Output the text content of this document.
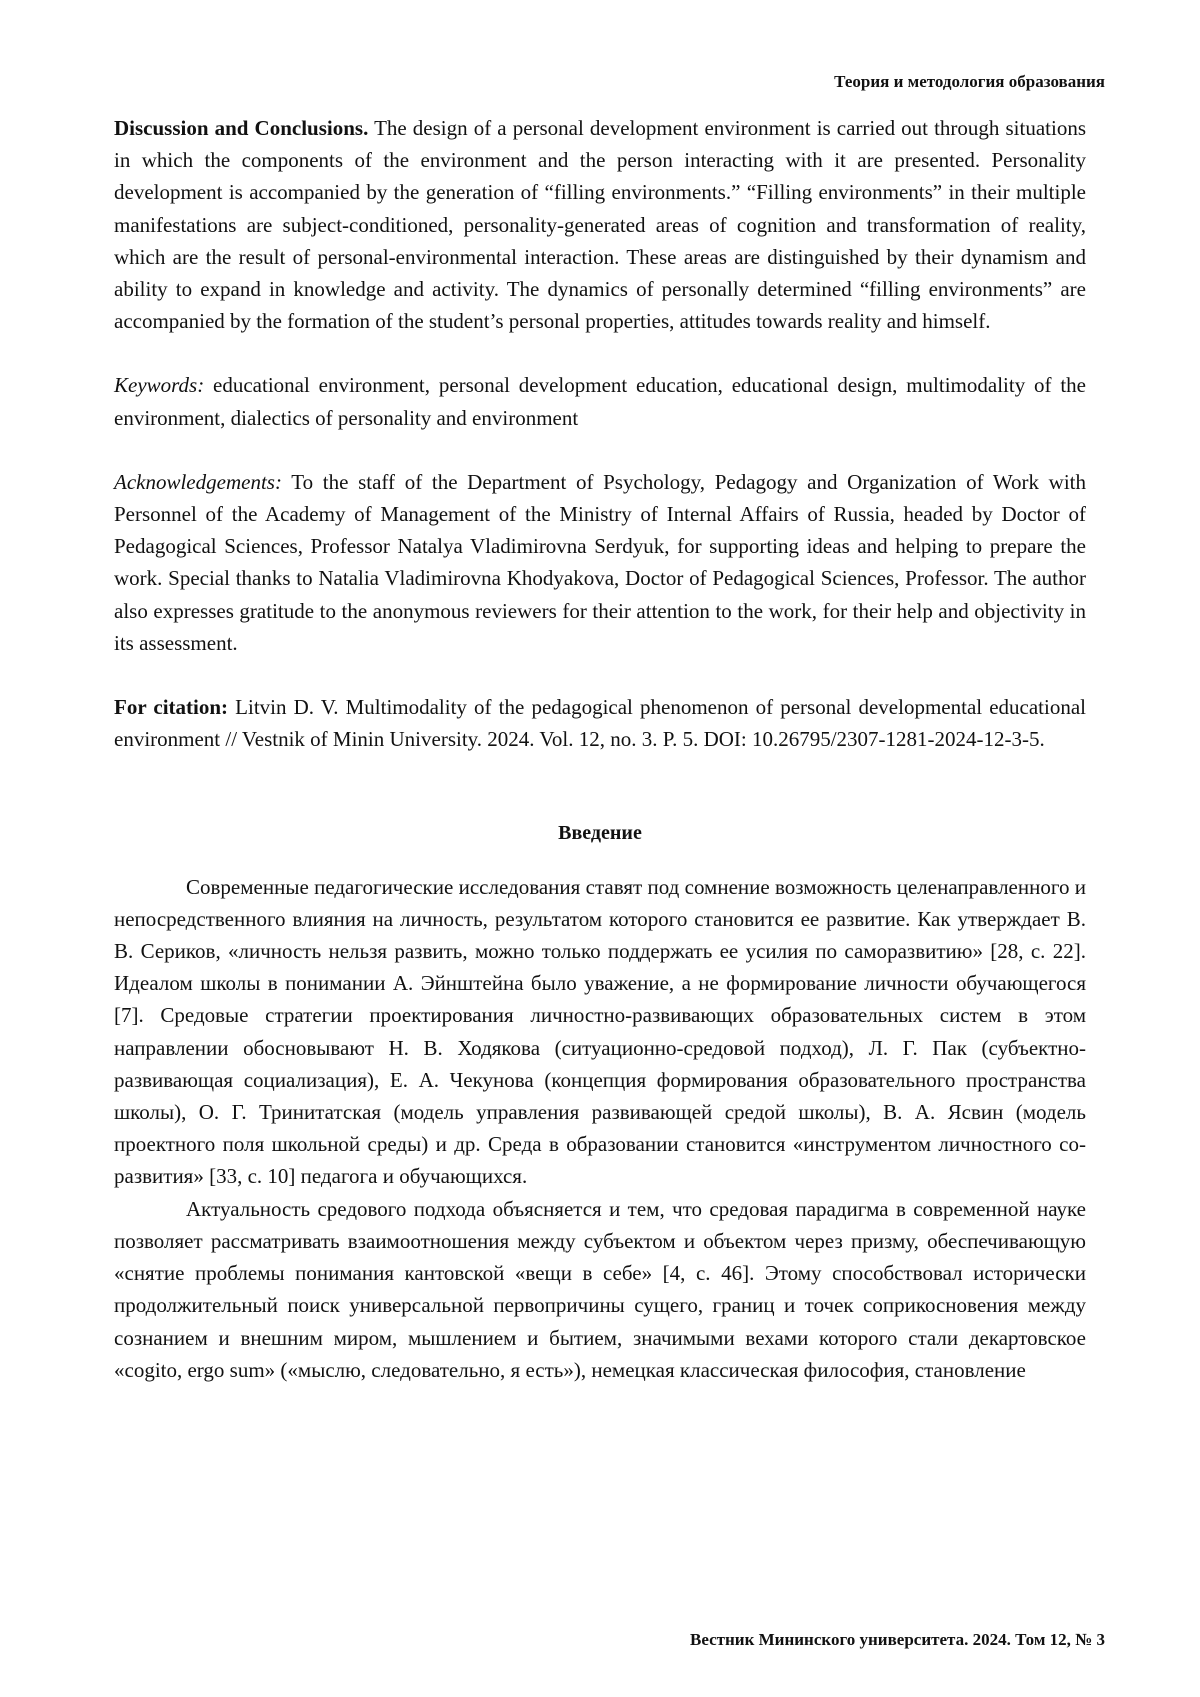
Теория и методология образования

Discussion and Conclusions. The design of a personal development environment is carried out through situations in which the components of the environment and the person interacting with it are presented. Personality development is accompanied by the generation of “filling environments.” “Filling environments” in their multiple manifestations are subject-conditioned, personality-generated areas of cognition and transformation of reality, which are the result of personal-environmental interaction. These areas are distinguished by their dynamism and ability to expand in knowledge and activity. The dynamics of personally determined “filling environments” are accompanied by the formation of the student’s personal properties, attitudes towards reality and himself.

Keywords: educational environment, personal development education, educational design, multimodality of the environment, dialectics of personality and environment

Acknowledgements: To the staff of the Department of Psychology, Pedagogy and Organization of Work with Personnel of the Academy of Management of the Ministry of Internal Affairs of Russia, headed by Doctor of Pedagogical Sciences, Professor Natalya Vladimirovna Serdyuk, for supporting ideas and helping to prepare the work. Special thanks to Natalia Vladimirovna Khodyakova, Doctor of Pedagogical Sciences, Professor. The author also expresses gratitude to the anonymous reviewers for their attention to the work, for their help and objectivity in its assessment.

For citation: Litvin D. V. Multimodality of the pedagogical phenomenon of personal developmental educational environment // Vestnik of Minin University. 2024. Vol. 12, no. 3. P. 5. DOI: 10.26795/2307-1281-2024-12-3-5.

Введение

Современные педагогические исследования ставят под сомнение возможность целенаправленного и непосредственного влияния на личность, результатом которого становится ее развитие. Как утверждает В. В. Сериков, «личность нельзя развить, можно только поддержать ее усилия по саморазвитию» [28, с. 22]. Идеалом школы в понимании А. Эйнштейна было уважение, а не формирование личности обучающегося [7]. Средовые стратегии проектирования личностно-развивающих образовательных систем в этом направлении обосновывают Н. В. Ходякова (ситуационно-средовой подход), Л. Г. Пак (субъектно-развивающая социализация), Е. А. Чекунова (концепция формирования образовательного пространства школы), О. Г. Тринитатская (модель управления развивающей средой школы), В. А. Ясвин (модель проектного поля школьной среды) и др. Среда в образовании становится «инструментом личностного со-развития» [33, с. 10] педагога и обучающихся.

Актуальность средового подхода объясняется и тем, что средовая парадигма в современной науке позволяет рассматривать взаимоотношения между субъектом и объектом через призму, обеспечивающую «снятие проблемы понимания кантовской «вещи в себе» [4, с. 46]. Этому способствовал исторически продолжительный поиск универсальной первопричины сущего, границ и точек соприкосновения между сознанием и внешним миром, мышлением и бытием, значимыми вехами которого стали декартовское «cogito, ergo sum» («мыслю, следовательно, я есть»), немецкая классическая философия, становление

Вестник Мининского университета. 2024. Том 12, № 3
